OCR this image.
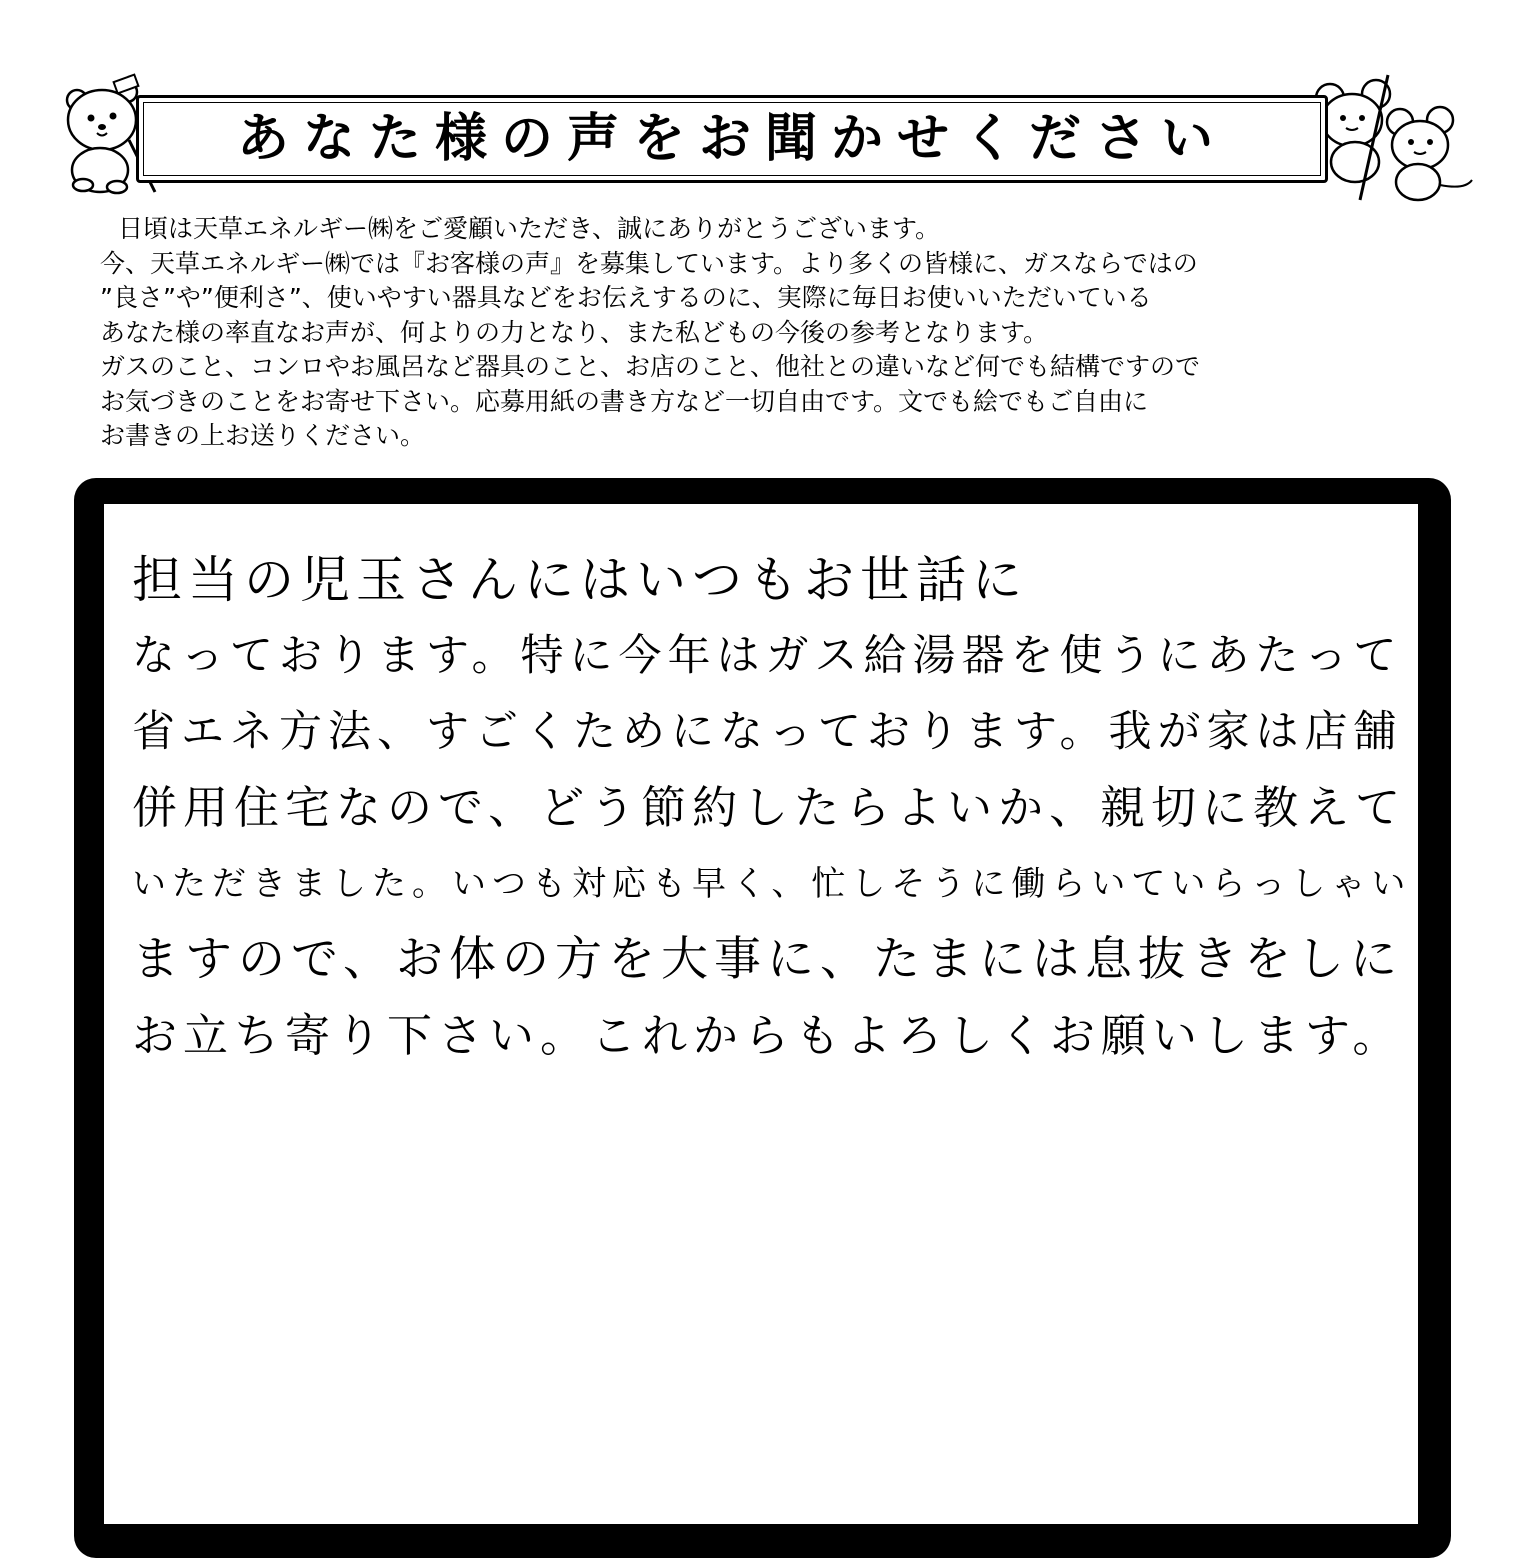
あなた様の声をお聞かせください
日頃は天草エネルギー㈱をご愛顧いただき、誠にありがとうございます。
今、天草エネルギー㈱では『お客様の声』を募集しています。より多くの皆様に、ガスならではの
”良さ”や”便利さ”、使いやすい器具などをお伝えするのに、実際に毎日お使いいただいている
あなた様の率直なお声が、何よりの力となり、また私どもの今後の参考となります。
ガスのこと、コンロやお風呂など器具のこと、お店のこと、他社との違いなど何でも結構ですので
お気づきのことをお寄せ下さい。応募用紙の書き方など一切自由です。文でも絵でもご自由に
お書きの上お送りください。
担当の児玉さんにはいつもお世話に
なっております。特に今年はガス給湯器を使うにあたって
省エネ方法、すごくためになっております。我が家は店舗
併用住宅なので、どう節約したらよいか、親切に教えて
いただきました。いつも対応も早く、忙しそうに働らいていらっしゃい
ますので、お体の方を大事に、たまには息抜きをしに
お立ち寄り下さい。これからもよろしくお願いします。
